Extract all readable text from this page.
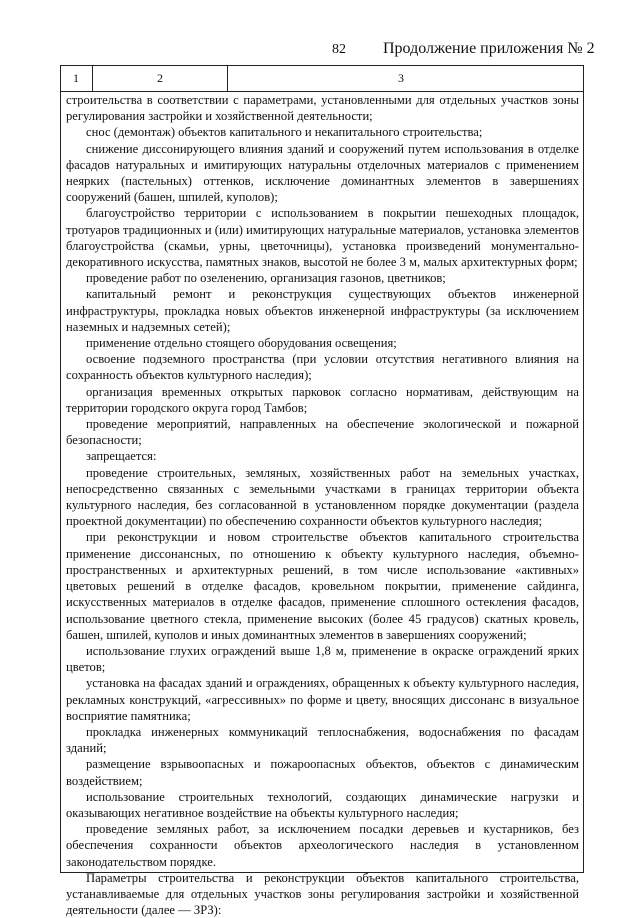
82 Продолжение приложения № 2
1	2	3

строительства в соответствии с параметрами, установленными для отдельных участков зоны регулирования застройки и хозяйственной деятельности;

снос (демонтаж) объектов капитального и некапитального строительства;

снижение диссонирующего влияния зданий и сооружений путем использования в отделке фасадов натуральных и имитирующих натуральны отделочных материалов с применением неярких (пастельных) оттенков, исключение доминантных элементов в завершениях сооружений (башен, шпилей, куполов);

благоустройство территории с использованием в покрытии пешеходных площадок, тротуаров традиционных и (или) имитирующих натуральные материалов, установка элементов благоустройства (скамьи, урны, цветочницы), установка произведений монументально-декоративного искусства, памятных знаков, высотой не более 3 м, малых архитектурных форм;

проведение работ по озеленению, организация газонов, цветников;

капитальный ремонт и реконструкция существующих объектов инженерной инфраструктуры, прокладка новых объектов инженерной инфраструктуры (за исключением наземных и надземных сетей);

применение отдельно стоящего оборудования освещения;

освоение подземного пространства (при условии отсутствия негативного влияния на сохранность объектов культурного наследия);

организация временных открытых парковок согласно нормативам, действующим на территории городского округа город Тамбов;

проведение мероприятий, направленных на обеспечение экологической и пожарной безопасности;

запрещается:

проведение строительных, земляных, хозяйственных работ на земельных участках, непосредственно связанных с земельными участками в границах территории объекта культурного наследия, без согласованной в установленном порядке документации (раздела проектной документации) по обеспечению сохранности объектов культурного наследия;

при реконструкции и новом строительстве объектов капитального строительства применение диссонансных, по отношению к объекту культурного наследия, объемно-пространственных и архитектурных решений, в том числе использование «активных» цветовых решений в отделке фасадов, кровельном покрытии, применение сайдинга, искусственных материалов в отделке фасадов, применение сплошного остекления фасадов, использование цветного стекла, применение высоких (более 45 градусов) скатных кровель, башен, шпилей, куполов и иных доминантных элементов в завершениях сооружений;

использование глухих ограждений выше 1,8 м, применение в окраске ограждений ярких цветов;

установка на фасадах зданий и ограждениях, обращенных к объекту культурного наследия, рекламных конструкций, «агрессивных» по форме и цвету, вносящих диссонанс в визуальное восприятие памятника;

прокладка инженерных коммуникаций теплоснабжения, водоснабжения по фасадам зданий;

размещение взрывоопасных и пожароопасных объектов, объектов с динамическим воздействием;

использование строительных технологий, создающих динамические нагрузки и оказывающих негативное воздействие на объекты культурного наследия;

проведение земляных работ, за исключением посадки деревьев и кустарников, без обеспечения сохранности объектов археологического наследия в установленном законодательством порядке.

Параметры строительства и реконструкции объектов капитального строительства, устанавливаемые для отдельных участков зоны регулирования застройки и хозяйственной деятельности (далее — ЗРЗ):
